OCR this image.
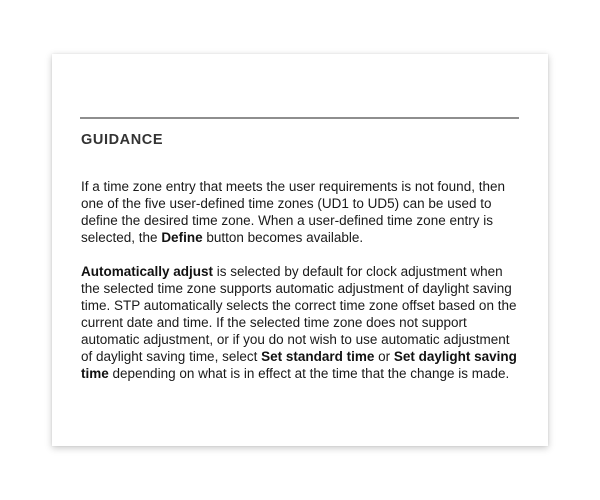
GUIDANCE

If a time zone entry that meets the user requirements is not found, then one of the five user-defined time zones (UD1 to UD5) can be used to define the desired time zone. When a user-defined time zone entry is selected, the Define button becomes available.

Automatically adjust is selected by default for clock adjustment when the selected time zone supports automatic adjustment of daylight saving time. STP automatically selects the correct time zone offset based on the current date and time. If the selected time zone does not support automatic adjustment, or if you do not wish to use automatic adjustment of daylight saving time, select Set standard time or Set daylight saving time depending on what is in effect at the time that the change is made.
